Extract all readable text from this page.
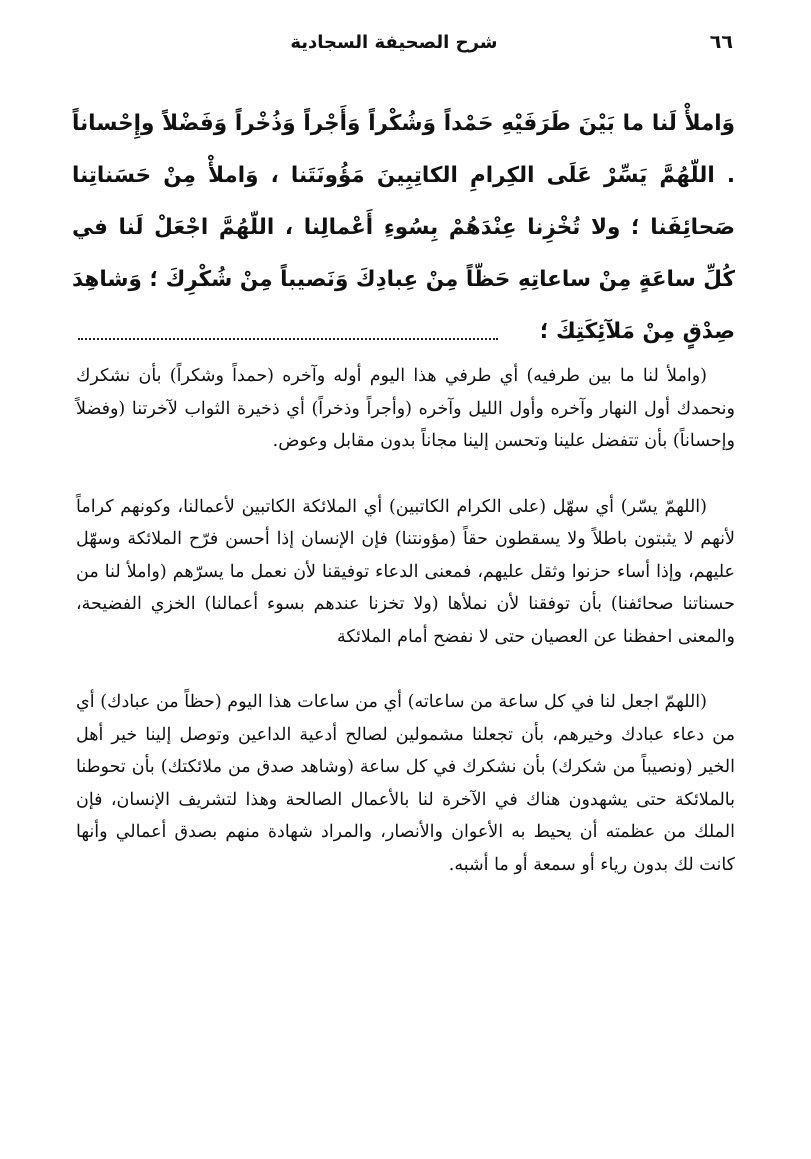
٦٦
شرح الصحيفة السجادية

وَاملأْ لَنا ما بَيْنَ طَرَفَيْهِ حَمْداً وَشُكْراً وَأَجْراً وَذُخْراً وَفَضْلاً وإِحْساناً . اللّهُمَّ يَسِّرْ عَلَى الكِرامِ الكاتِبِينَ مَؤُونَتَنا ، وَاملأْ مِنْ حَسَناتِنا صَحائِفَنا ؛ ولا تُخْزِنا عِنْدَهُمْ بِسُوءِ أَعْمالِنا ، اللّهُمَّ اجْعَلْ لَنا في كُلِّ ساعَةٍ مِنْ ساعاتِهِ حَظّاً مِنْ عِبادِكَ وَنَصيباً مِنْ شُكْرِكَ ؛ وَشاهِدَ صِدْقٍ مِنْ مَلآئِكَتِكَ ؛

(واملأ لنا ما بين طرفيه) أي طرفي هذا اليوم أوله وآخره (حمداً وشكراً) بأن نشكرك ونحمدك أول النهار وآخره وأول الليل وآخره (وأجراً وذخراً) أي ذخيرة الثواب لآخرتنا (وفضلاً وإحساناً) بأن تتفضل علينا وتحسن إلينا مجاناً بدون مقابل وعوض.

(اللهمّ يسّر) أي سهّل (على الكرام الكاتبين) أي الملائكة الكاتبين لأعمالنا، وكونهم كراماً لأنهم لا يثبتون باطلاً ولا يسقطون حقاً (مؤونتنا) فإن الإنسان إذا أحسن فرّح الملائكة وسهّل عليهم، وإذا أساء حزنوا وثقل عليهم، فمعنى الدعاء توفيقنا لأن نعمل ما يسرّهم (واملأ لنا من حسناتنا صحائفنا) بأن توفقنا لأن نملأها (ولا تخزنا عندهم بسوء أعمالنا) الخزي الفضيحة، والمعنى احفظنا عن العصيان حتى لا نفضح أمام الملائكة

(اللهمّ اجعل لنا في كل ساعة من ساعاته) أي من ساعات هذا اليوم (حظاً من عبادك) أي من دعاء عبادك وخيرهم، بأن تجعلنا مشمولين لصالح أدعية الداعين وتوصل إلينا خير أهل الخير (ونصيباً من شكرك) بأن نشكرك في كل ساعة (وشاهد صدق من ملائكتك) بأن تحوطنا بالملائكة حتى يشهدون هناك في الآخرة لنا بالأعمال الصالحة وهذا لتشريف الإنسان، فإن الملك من عظمته أن يحيط به الأعوان والأنصار، والمراد شهادة منهم بصدق أعمالي وأنها كانت لك بدون رياء أو سمعة أو ما أشبه.
